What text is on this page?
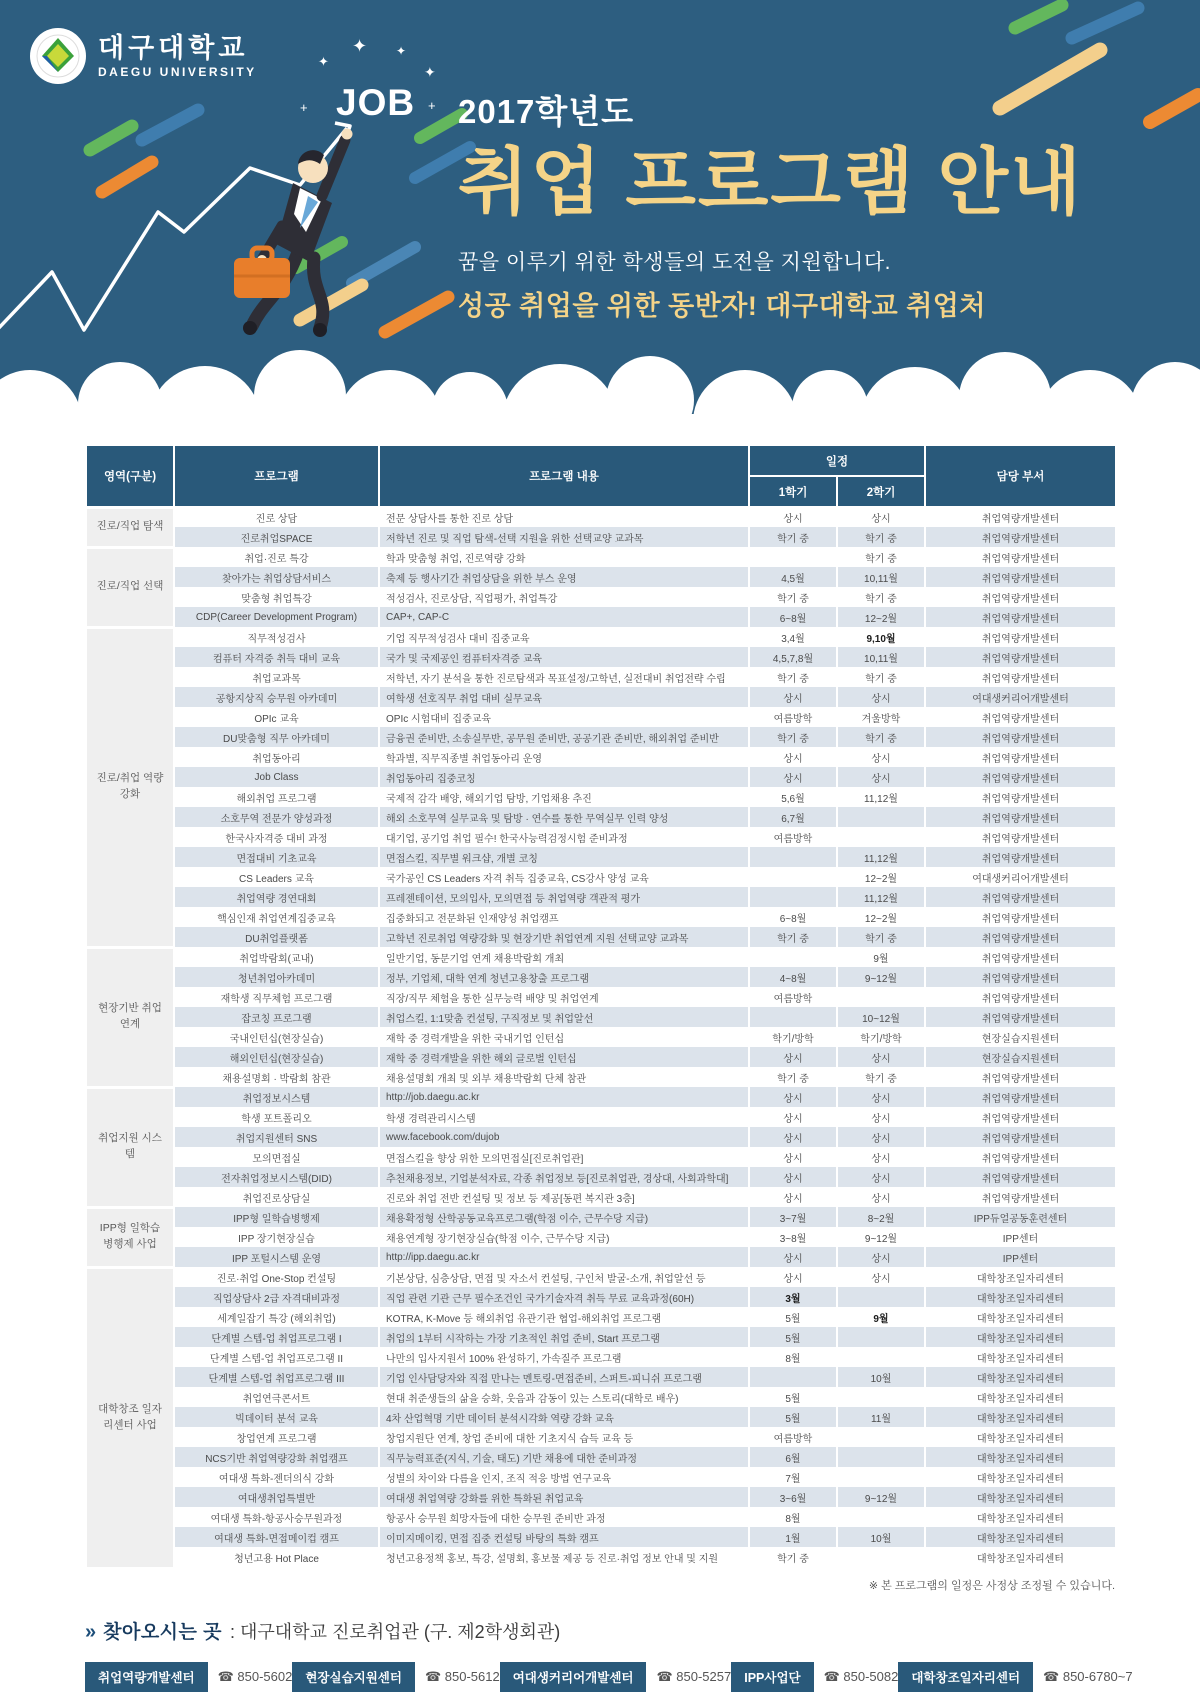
대구대학교
DAEGU UNIVERSITY
JOB
✦
✦ ✦
✦
+	+ 2017학년도
취업 프로그램 안내
꿈을 이루기 위한 학생들의 도전을 지원합니다.
성공 취업을 위한 동반자! 대구대학교 취업처
영역(구분)	프로그램	프로그램 내용	일정		담당 부서
			1학기	2학기	
진로/직업 탐색	진로 상담	전문 상담사를 통한 진로 상담	상시	상시	취업역량개발센터
	진로취업SPACE	저학년 진로 및 직업 탐색-선택 지원을 위한 선택교양 교과목	학기 중	학기 중	취업역량개발센터
진로/직업 선택	취업·진로 특강	학과 맞춤형 취업, 진로역량 강화		학기 중	취업역량개발센터
	찾아가는 취업상담서비스	축제 등 행사기간 취업상담을 위한 부스 운영	4,5월	10,11월	취업역량개발센터
	맞춤형 취업특강	적성검사, 진로상담, 직업평가, 취업특강	학기 중	학기 중	취업역량개발센터
	CDP(Career Development Program)	CAP+, CAP-C	6~8월	12~2월	취업역량개발센터
진로/취업 역량강화	직무적성검사	기업 직무적성검사 대비 집중교육	3,4월	9,10월	취업역량개발센터
	컴퓨터 자격증 취득 대비 교육	국가 및 국제공인 컴퓨터자격증 교육	4,5,7,8월	10,11월	취업역량개발센터
	취업교과목	저학년, 자기 분석을 통한 진로탐색과 목표설정/고학년, 실전대비 취업전략 수립	학기 중	학기 중	취업역량개발센터
	공항지상직 승무원 아카데미	여학생 선호직무 취업 대비 실무교육	상시	상시	여대생커리어개발센터
	OPIc 교육	OPIc 시험대비 집중교육	여름방학	겨울방학	취업역량개발센터
	DU맞춤형 직무 아카데미	금융권 준비반, 소송실무반, 공무원 준비반, 공공기관 준비반, 해외취업 준비반	학기 중	학기 중	취업역량개발센터
	취업동아리	학과별, 직무직종별 취업동아리 운영	상시	상시	취업역량개발센터
	Job Class	취업동아리 집중코칭	상시	상시	취업역량개발센터
	해외취업 프로그램	국제적 감각 배양, 해외기업 탐방, 기업채용 추진	5,6월	11,12월	취업역량개발센터
	소호무역 전문가 양성과정	해외 소호무역 실무교육 및 탐방 · 연수를 통한 무역실무 인력 양성	6,7월		취업역량개발센터
	한국사자격증 대비 과정	대기업, 공기업 취업 필수! 한국사능력검정시험 준비과정	여름방학		취업역량개발센터
	면접대비 기초교육	면접스킬, 직무별 워크샵, 개별 코칭		11,12월	취업역량개발센터
	CS Leaders 교육	국가공인 CS Leaders 자격 취득 집중교육, CS강사 양성 교육		12~2월	여대생커리어개발센터
	취업역량 경연대회	프레젠테이션, 모의입사, 모의면접 등 취업역량 객관적 평가		11,12월	취업역량개발센터
	핵심인재 취업연계집중교육	집중화되고 전문화된 인재양성 취업캠프	6~8월	12~2월	취업역량개발센터
	DU취업플랫폼	고학년 진로취업 역량강화 및 현장기반 취업연계 지원 선택교양 교과목	학기 중	학기 중	취업역량개발센터
현장기반 취업연계	취업박람회(교내)	일반기업, 동문기업 연계 채용박람회 개최		9월	취업역량개발센터
	청년취업아카데미	정부, 기업체, 대학 연계 청년고용창출 프로그램	4~8월	9~12월	취업역량개발센터
	재학생 직무체험 프로그램	직장/직무 체험을 통한 실무능력 배양 및 취업연계	여름방학		취업역량개발센터
	잡코칭 프로그램	취업스킬, 1:1맞춤 컨설팅, 구직정보 및 취업알선		10~12월	취업역량개발센터
	국내인턴십(현장실습)	재학 중 경력개발을 위한 국내기업 인턴십	학기/방학	학기/방학	현장실습지원센터
	해외인턴십(현장실습)	재학 중 경력개발을 위한 해외 글로벌 인턴십	상시	상시	현장실습지원센터
	채용설명회 · 박람회 참관	채용설명회 개최 및 외부 채용박람회 단체 참관	학기 중	학기 중	취업역량개발센터
취업지원 시스템	취업정보시스템	http://job.daegu.ac.kr	상시	상시	취업역량개발센터
	학생 포트폴리오	학생 경력관리시스템	상시	상시	취업역량개발센터
	취업지원센터 SNS	www.facebook.com/dujob	상시	상시	취업역량개발센터
	모의면접실	면접스킬을 향상 위한 모의면접실[진로취업관]	상시	상시	취업역량개발센터
	전자취업정보시스템(DID)	추천채용정보, 기업분석자료, 각종 취업정보 등[진로취업관, 경상대, 사회과학대]	상시	상시	취업역량개발센터
	취업진로상담실	진로와 취업 전반 컨설팅 및 정보 등 제공[동편 복지관 3층]	상시	상시	취업역량개발센터
IPP형 일학습병행제 사업	IPP형 일학습병행제	채용확정형 산학공동교육프로그램(학점 이수, 근무수당 지급)	3~7월	8~2월	IPP듀얼공동훈련센터
	IPP 장기현장실습	채용연계형 장기현장실습(학점 이수, 근무수당 지급)	3~8월	9~12월	IPP센터
	IPP 포털시스템 운영	http://ipp.daegu.ac.kr	상시	상시	IPP센터
대학창조 일자리센터 사업	진로·취업 One-Stop 컨설팅	기본상담, 심층상담, 면접 및 자소서 컨설팅, 구인처 발굴-소개, 취업알선 등	상시	상시	대학창조일자리센터
	직업상담사 2급 자격대비과정	직업 관련 기관 근무 필수조건인 국가기술자격 취득 무료 교육과정(60H)	3월		대학창조일자리센터
	세계일잡기 특강 (해외취업)	KOTRA, K-Move 등 해외취업 유관기관 협업-해외취업 프로그램	5월	9월	대학창조일자리센터
	단계별 스텝-업 취업프로그램 I	취업의 1부터 시작하는 가장 기초적인 취업 준비, Start 프로그램	5월		대학창조일자리센터
	단계별 스텝-업 취업프로그램 II	나만의 입사지원서 100% 완성하기, 가속질주 프로그램	8월		대학창조일자리센터
	단계별 스텝-업 취업프로그램 III	기업 인사담당자와 직접 만나는 멘토링-면접준비, 스퍼트-피니쉬 프로그램		10월	대학창조일자리센터
	취업연극콘서트	현대 취준생들의 삶을 승화, 웃음과 감동이 있는 스토리(대학로 배우)	5월		대학창조일자리센터
	빅데이터 분석 교육	4차 산업혁명 기반 데이터 분석시각화 역량 강화 교육	5월	11월	대학창조일자리센터
	창업연계 프로그램	창업지원단 연계, 창업 준비에 대한 기초지식 습득 교육 등	여름방학		대학창조일자리센터
	NCS기반 취업역량강화 취업캠프	직무능력표준(지식, 기술, 태도) 기반 채용에 대한 준비과정	6월		대학창조일자리센터
	여대생 특화-젠더의식 강화	성별의 차이와 다름을 인지, 조직 적응 방법 연구교육	7월		대학창조일자리센터
	여대생취업특별반	여대생 취업역량 강화를 위한 특화된 취업교육	3~6월	9~12월	대학창조일자리센터
	여대생 특화-항공사승무원과정	항공사 승무원 희망자들에 대한 승무원 준비반 과정	8월		대학창조일자리센터
	여대생 특화-면접메이컵 캠프	이미지메이킹, 면접 집중 컨설팅 바탕의 특화 캠프	1월	10월	대학창조일자리센터
	청년고용 Hot Place	청년고용정책 홍보, 특강, 설명회, 홍보물 제공 등 진로·취업 정보 안내 및 지원	학기 중		대학창조일자리센터
※ 본 프로그램의 일정은 사정상 조정될 수 있습니다.
» 찾아오시는 곳 : 대구대학교 진로취업관 (구. 제2학생회관)
취업역량개발센터	☎ 850-5602	현장실습지원센터	☎ 850-5612	여대생커리어개발센터	☎ 850-5257	IPP사업단	☎ 850-5082	대학창조일자리센터	☎ 850-6780~7
